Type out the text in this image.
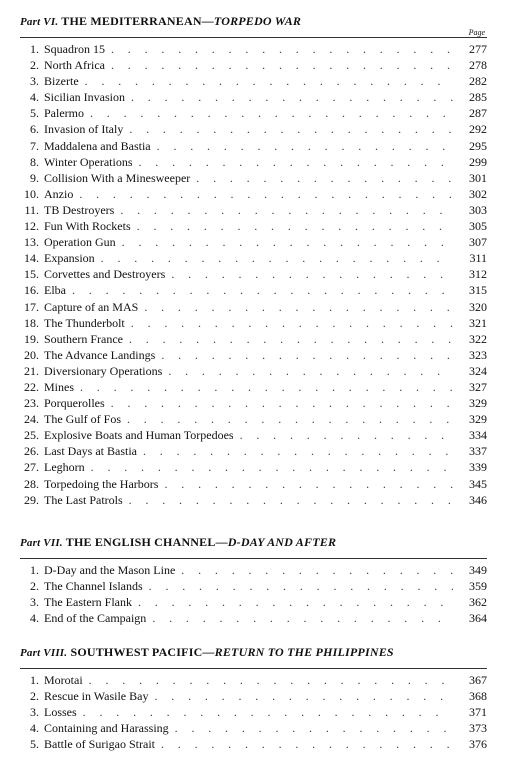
Part VI. THE MEDITERRANEAN—TORPEDO WAR
Page
1. Squadron 15 . . .	277
2. North Africa . . .	278
3. Bizerte . . .	282
4. Sicilian Invasion . . .	285
5. Palermo . . .	287
6. Invasion of Italy . . .	292
7. Maddalena and Bastia . . .	295
8. Winter Operations . . .	299
9. Collision With a Minesweeper . . .	301
10. Anzio . . .	302
11. TB Destroyers . . .	303
12. Fun With Rockets . . .	305
13. Operation Gun . . .	307
14. Expansion . . .	311
15. Corvettes and Destroyers . . .	312
16. Elba . . .	315
17. Capture of an MAS . . .	320
18. The Thunderbolt . . .	321
19. Southern France . . .	322
20. The Advance Landings . . .	323
21. Diversionary Operations . . .	324
22. Mines . . .	327
23. Porquerolles . . .	329
24. The Gulf of Fos . . .	329
25. Explosive Boats and Human Torpedoes . . .	334
26. Last Days at Bastia . . .	337
27. Leghorn . . .	339
28. Torpedoing the Harbors . . .	345
29. The Last Patrols . . .	346
Part VII. THE ENGLISH CHANNEL—D-DAY AND AFTER
1. D-Day and the Mason Line . . .	349
2. The Channel Islands . . .	359
3. The Eastern Flank . . .	362
4. End of the Campaign . . .	364
Part VIII. SOUTHWEST PACIFIC—RETURN TO THE PHILIPPINES
1. Morotai . . .	367
2. Rescue in Wasile Bay . . .	368
3. Losses . . .	371
4. Containing and Harassing . . .	373
5. Battle of Surigao Strait . . .	376
